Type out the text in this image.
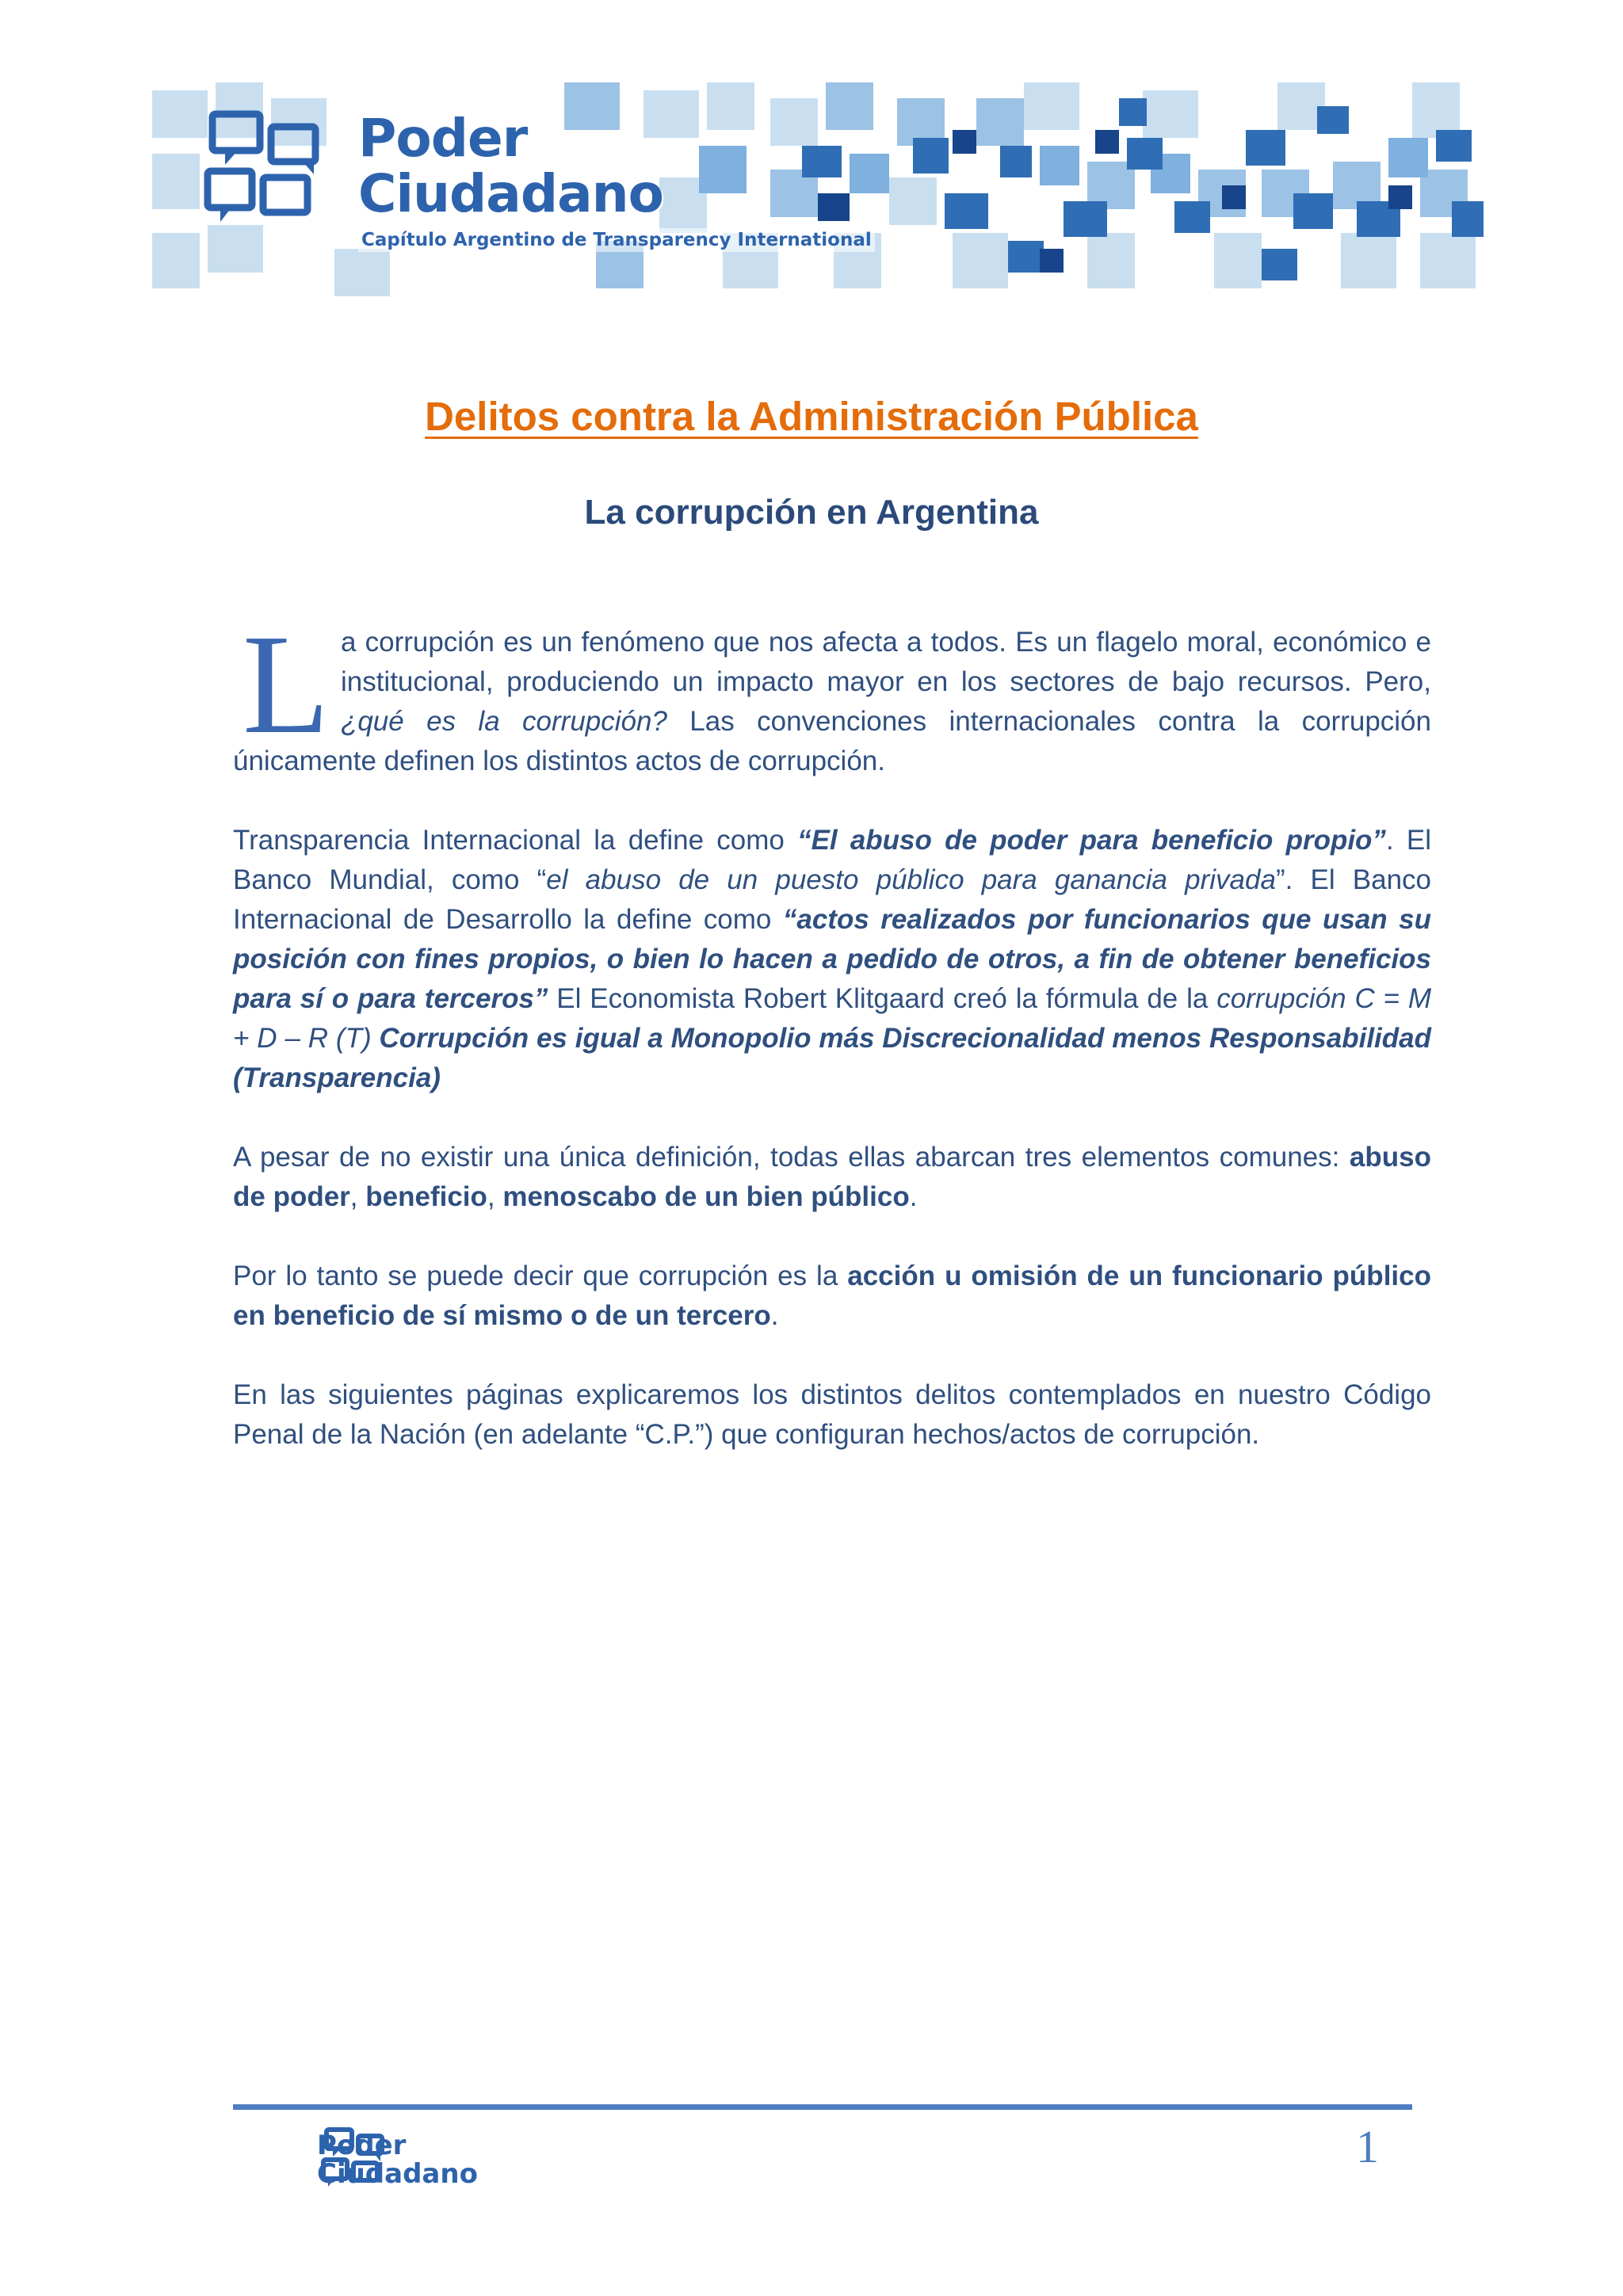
Poder
Ciudadano
Capítulo Argentino de Transparency International
Delitos contra la Administración Pública
La corrupción en Argentina

La corrupción es un fenómeno que nos afecta a todos. Es un flagelo moral, económico e institucional, produciendo un impacto mayor en los sectores de bajo recursos. Pero, ¿qué es la corrupción? Las convenciones internacionales contra la corrupción únicamente definen los distintos actos de corrupción.

Transparencia Internacional la define como “El abuso de poder para beneficio propio”. El Banco Mundial, como “el abuso de un puesto público para ganancia privada”. El Banco Internacional de Desarrollo la define como “actos realizados por funcionarios que usan su posición con fines propios, o bien lo hacen a pedido de otros, a fin de obtener beneficios para sí o para terceros” El Economista Robert Klitgaard creó la fórmula de la corrupción C = M + D – R (T) Corrupción es igual a Monopolio más Discrecionalidad menos Responsabilidad (Transparencia)

A pesar de no existir una única definición, todas ellas abarcan tres elementos comunes: abuso de poder, beneficio, menoscabo de un bien público.

Por lo tanto se puede decir que corrupción es la acción u omisión de un funcionario público en beneficio de sí mismo o de un tercero.

En las siguientes páginas explicaremos los distintos delitos contemplados en nuestro Código Penal de la Nación (en adelante “C.P.”) que configuran hechos/actos de corrupción.

Poder
Ciudadano
1
